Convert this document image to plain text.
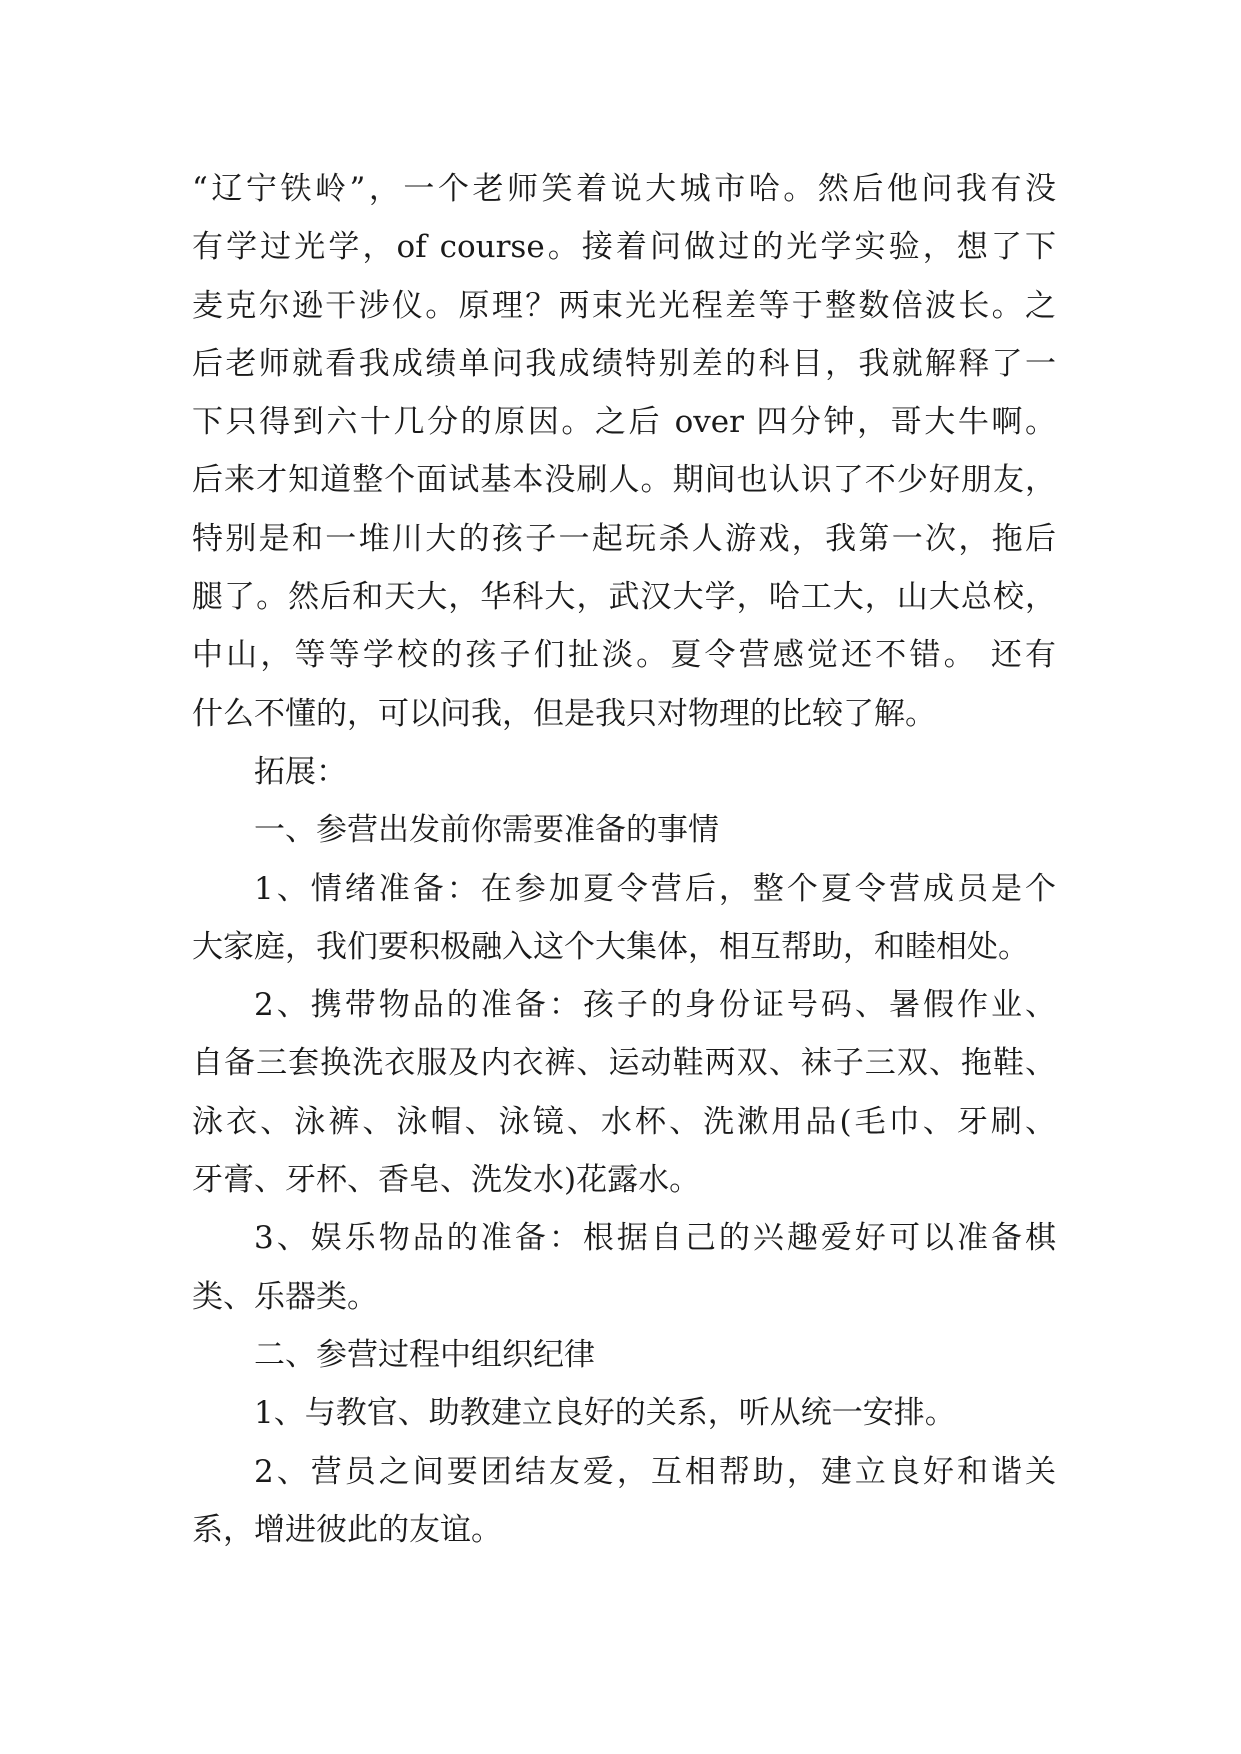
“辽宁铁岭”，一个老师笑着说大城市哈。然后他问我有没
有学过光学，of course。接着问做过的光学实验，想了下
麦克尔逊干涉仪。原理？两束光光程差等于整数倍波长。之
后老师就看我成绩单问我成绩特别差的科目，我就解释了一
下只得到六十几分的原因。之后 over 四分钟，哥大牛啊。
后来才知道整个面试基本没刷人。期间也认识了不少好朋友，
特别是和一堆川大的孩子一起玩杀人游戏，我第一次，拖后
腿了。然后和天大，华科大，武汉大学，哈工大，山大总校，
中山，等等学校的孩子们扯淡。夏令营感觉还不错。 还有
什么不懂的，可以问我，但是我只对物理的比较了解。
拓展：
一、参营出发前你需要准备的事情
1、情绪准备：在参加夏令营后，整个夏令营成员是个
大家庭，我们要积极融入这个大集体，相互帮助，和睦相处。
2、携带物品的准备：孩子的身份证号码、暑假作业、
自备三套换洗衣服及内衣裤、运动鞋两双、袜子三双、拖鞋、
泳衣、泳裤、泳帽、泳镜、水杯、洗漱用品(毛巾、牙刷、
牙膏、牙杯、香皂、洗发水)花露水。
3、娱乐物品的准备：根据自己的兴趣爱好可以准备棋
类、乐器类。
二、参营过程中组织纪律
1、与教官、助教建立良好的关系，听从统一安排。
2、营员之间要团结友爱，互相帮助，建立良好和谐关
系，增进彼此的友谊。
